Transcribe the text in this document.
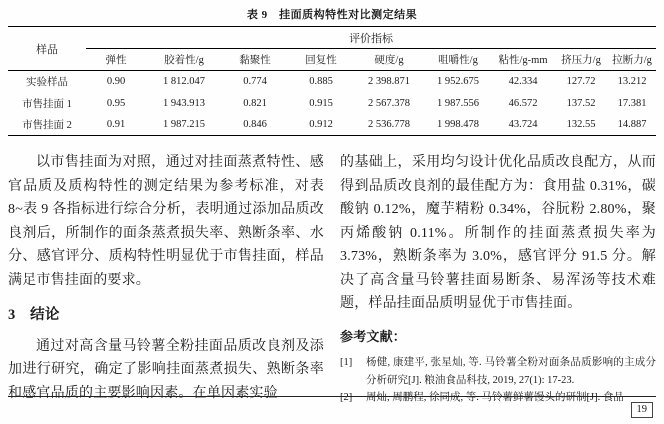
表 9　挂面质构特性对比测定结果
样品	评价指标								
	弹性	胶着性/g	黏聚性	回复性	硬度/g	咀嚼性/g	粘性/g-mm	挤压力/g	拉断力/g
实验样品	0.90	1 812.047	0.774	0.885	2 398.871	1 952.675	42.334	127.72	13.212
市售挂面 1	0.95	1 943.913	0.821	0.915	2 567.378	1 987.556	46.572	137.52	17.381
市售挂面 2	0.91	1 987.215	0.846	0.912	2 536.778	1 998.478	43.724	132.55	14.887

以市售挂面为对照，通过对挂面蒸煮特性、感官品质及质构特性的测定结果为参考标准，对表 8~表 9 各指标进行综合分析，表明通过添加品质改良剂后，所制作的面条蒸煮损失率、熟断条率、水分、感官评分、质构特性明显优于市售挂面，样品满足市售挂面的要求。

3　结论

通过对高含量马铃薯全粉挂面品质改良剂及添加进行研究，确定了影响挂面蒸煮损失、熟断条率和感官品质的主要影响因素。在单因素实验

的基础上，采用均匀设计优化品质改良配方，从而得到品质改良剂的最佳配方为：食用盐 0.31%，碳酸钠 0.12%，魔芋精粉 0.34%，谷朊粉 2.80%，聚丙烯酸钠 0.11%。所制作的挂面蒸煮损失率为 3.73%，熟断条率为 3.0%，感官评分 91.5 分。解决了高含量马铃薯挂面易断条、易浑汤等技术难题，样品挂面品质明显优于市售挂面。

参考文献：
[1]	杨健, 康建平, 张星灿, 等. 马铃薯全粉对面条品质影响的主成分分析研究[J]. 粮油食品科技, 2019, 27(1): 17-23.
[2]	周灿, 周鹏程, 徐同成, 等. 马铃薯鲜薯馒头的研制[J]. 食品
19
